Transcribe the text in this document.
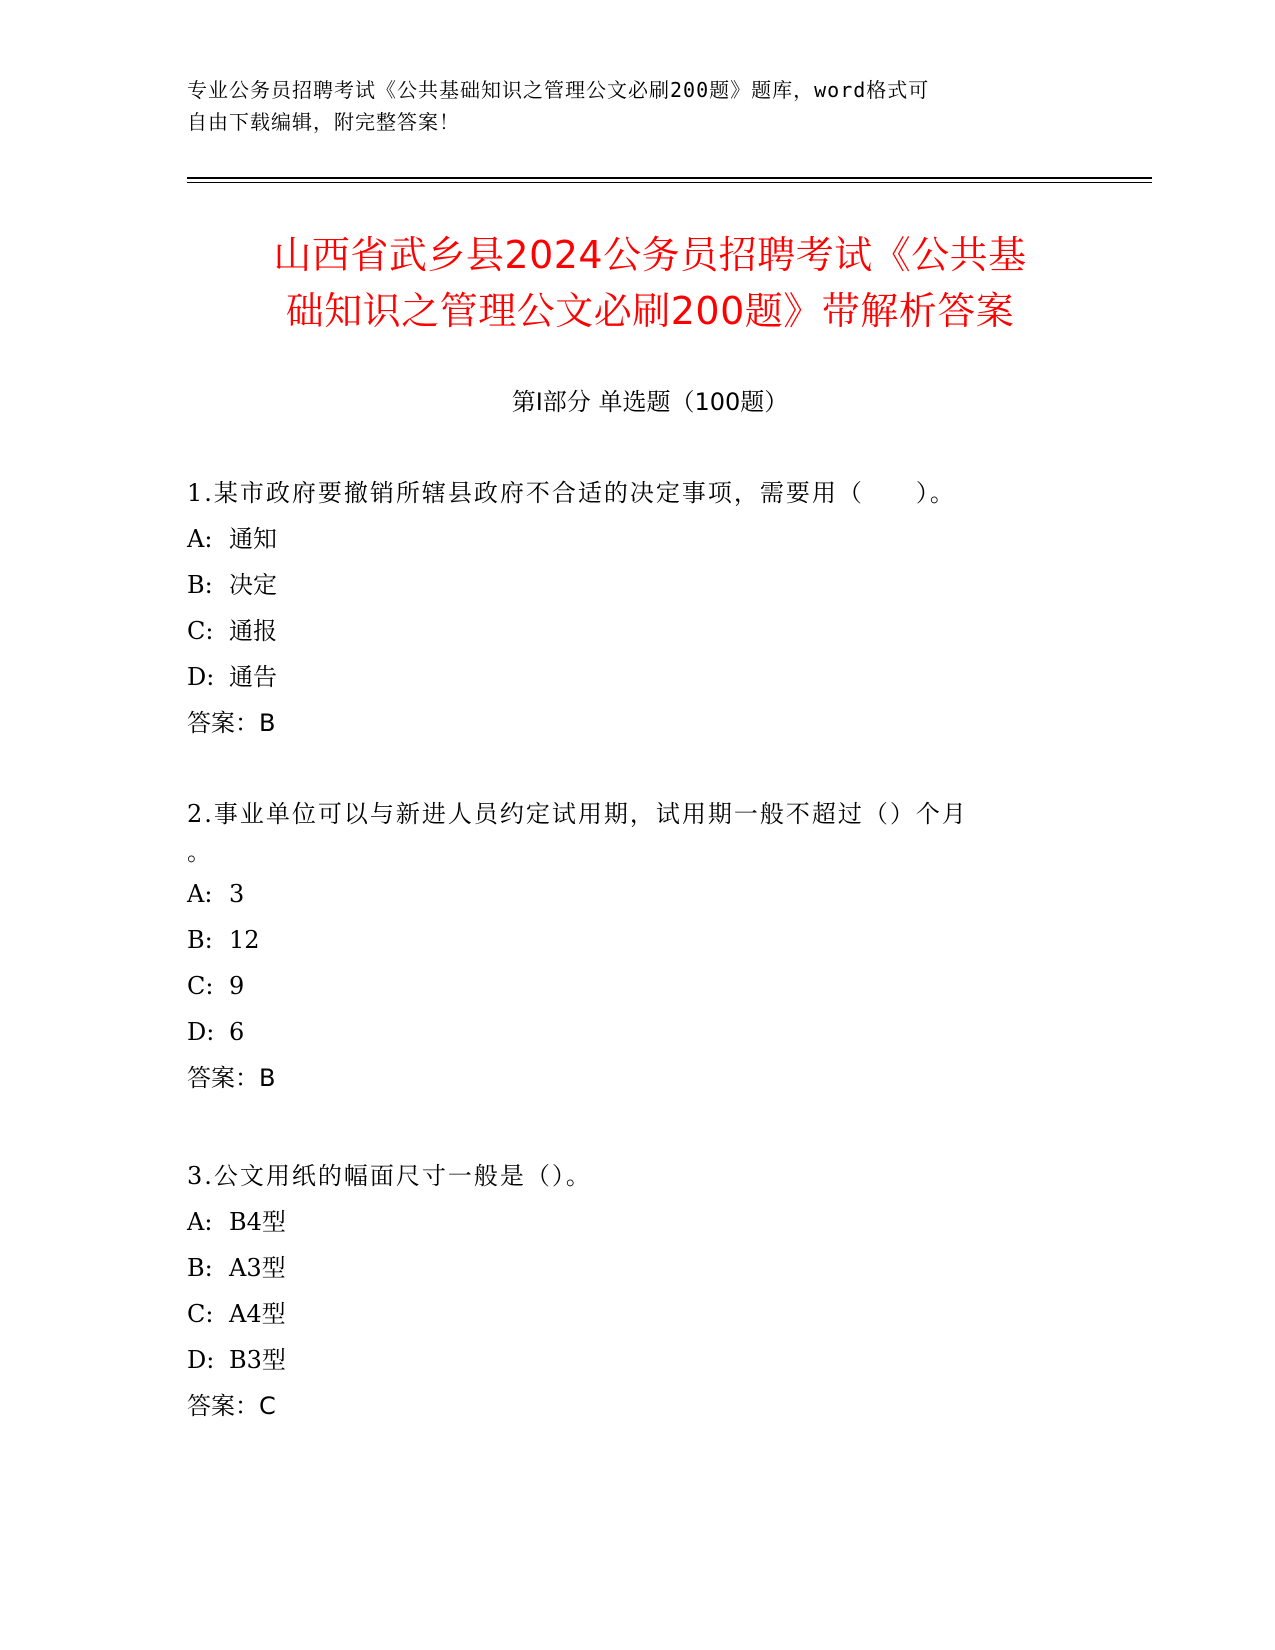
专业公务员招聘考试《公共基础知识之管理公文必刷200题》题库，word格式可
自由下载编辑，附完整答案！
山西省武乡县2024公务员招聘考试《公共基
础知识之管理公文必刷200题》带解析答案
第Ⅰ部分 单选题（100题）
1.某市政府要撤销所辖县政府不合适的决定事项，需要用（　　）。
A: 通知
B: 决定
C: 通报
D: 通告
答案：B
2.事业单位可以与新进人员约定试用期，试用期一般不超过（）个月
。
A: 3
B: 12
C: 9
D: 6
答案：B
3.公文用纸的幅面尺寸一般是（）。
A: B4型
B: A3型
C: A4型
D: B3型
答案：C
